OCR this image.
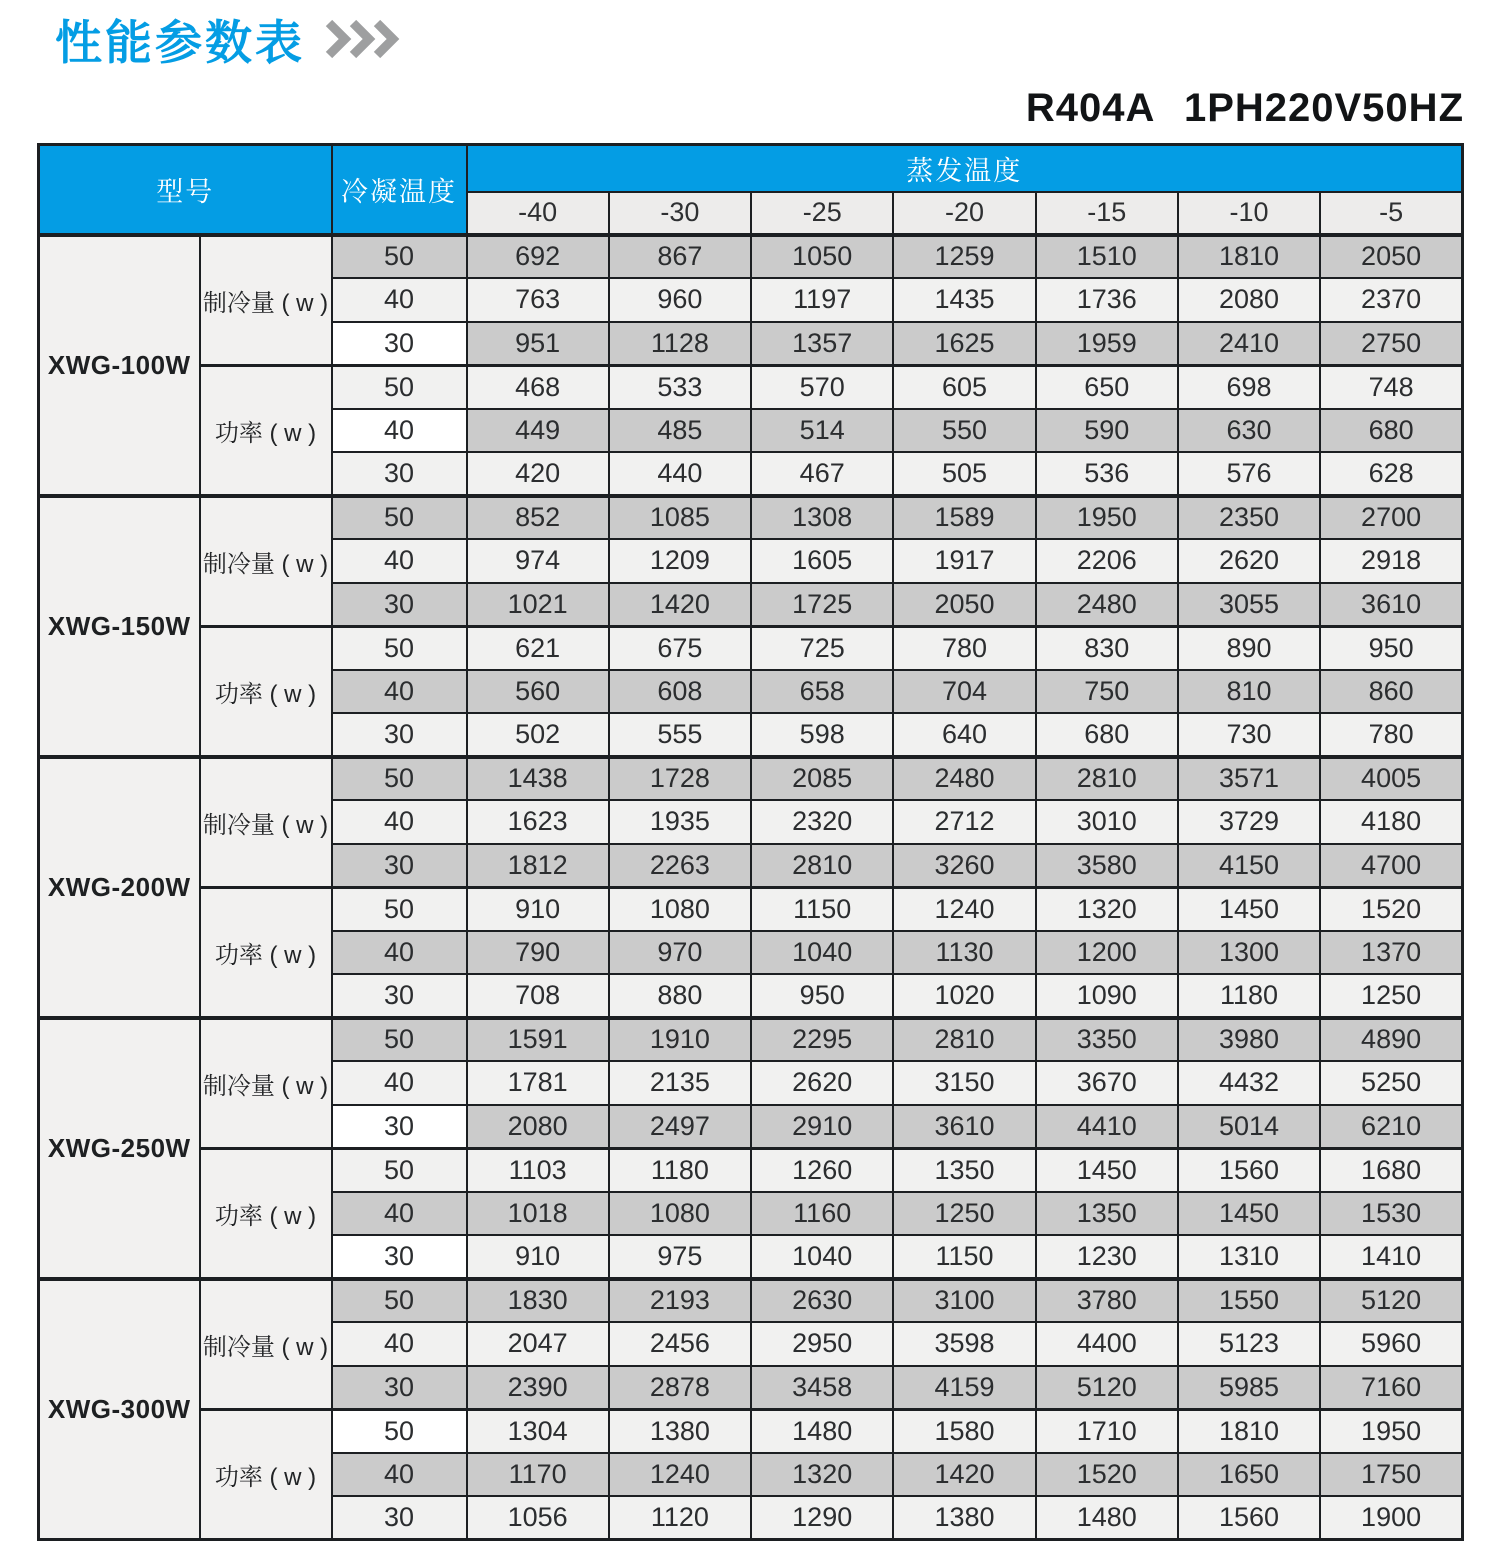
性能参数表
R404A 1PH220V50HZ
型号		冷凝温度	蒸发温度						
			-40	-30	-25	-20	-15	-10	-5
XWG-100W	制冷量 ( w )	50	692	867	1050	1259	1510	1810	2050
		40	763	960	1197	1435	1736	2080	2370
		30	951	1128	1357	1625	1959	2410	2750
	功率 ( w )	50	468	533	570	605	650	698	748
		40	449	485	514	550	590	630	680
		30	420	440	467	505	536	576	628
XWG-150W	制冷量 ( w )	50	852	1085	1308	1589	1950	2350	2700
		40	974	1209	1605	1917	2206	2620	2918
		30	1021	1420	1725	2050	2480	3055	3610
	功率 ( w )	50	621	675	725	780	830	890	950
		40	560	608	658	704	750	810	860
		30	502	555	598	640	680	730	780
XWG-200W	制冷量 ( w )	50	1438	1728	2085	2480	2810	3571	4005
		40	1623	1935	2320	2712	3010	3729	4180
		30	1812	2263	2810	3260	3580	4150	4700
	功率 ( w )	50	910	1080	1150	1240	1320	1450	1520
		40	790	970	1040	1130	1200	1300	1370
		30	708	880	950	1020	1090	1180	1250
XWG-250W	制冷量 ( w )	50	1591	1910	2295	2810	3350	3980	4890
		40	1781	2135	2620	3150	3670	4432	5250
		30	2080	2497	2910	3610	4410	5014	6210
	功率 ( w )	50	1103	1180	1260	1350	1450	1560	1680
		40	1018	1080	1160	1250	1350	1450	1530
		30	910	975	1040	1150	1230	1310	1410
XWG-300W	制冷量 ( w )	50	1830	2193	2630	3100	3780	1550	5120
		40	2047	2456	2950	3598	4400	5123	5960
		30	2390	2878	3458	4159	5120	5985	7160
	功率 ( w )	50	1304	1380	1480	1580	1710	1810	1950
		40	1170	1240	1320	1420	1520	1650	1750
		30	1056	1120	1290	1380	1480	1560	1900
